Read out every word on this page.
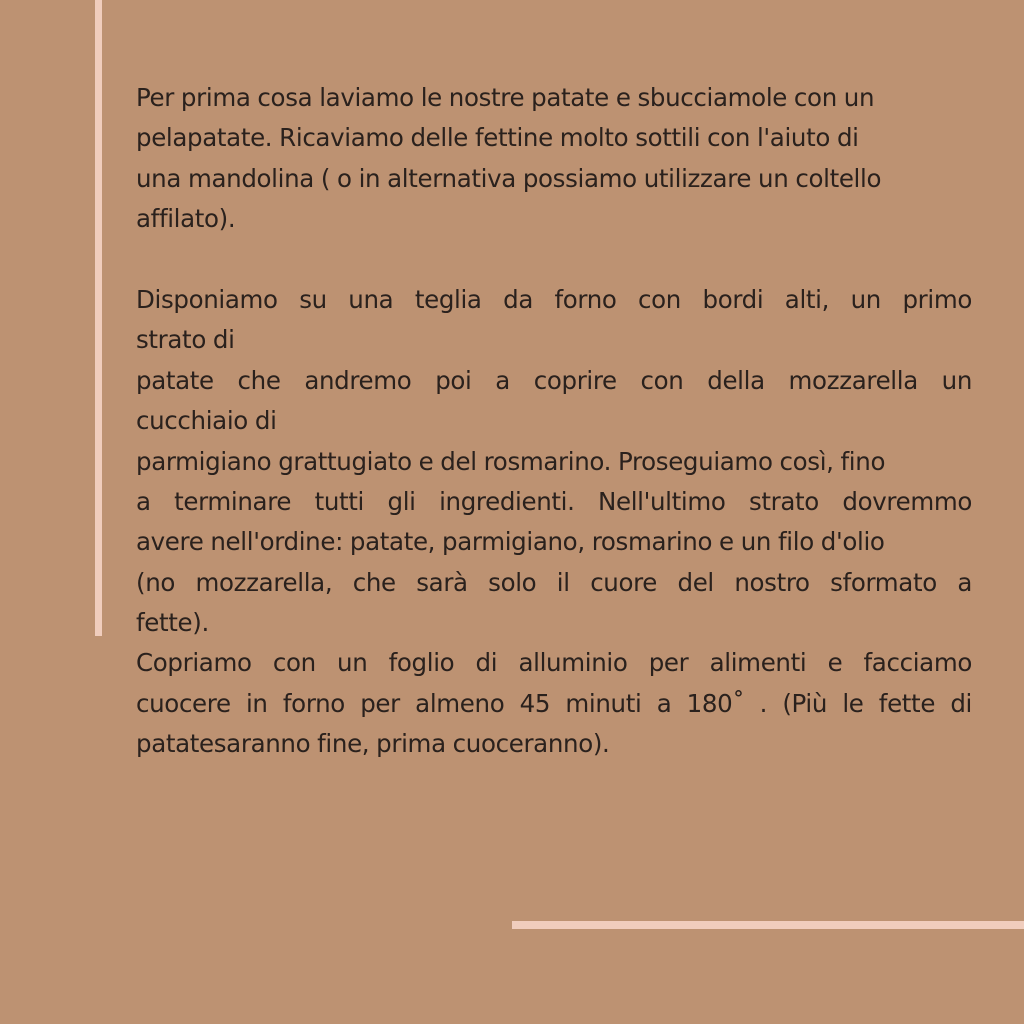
Per prima cosa laviamo le nostre patate e sbucciamole con un
pelapatate. Ricaviamo delle fettine molto sottili con l'aiuto di
una mandolina ( o in alternativa possiamo utilizzare un coltello
affilato).
Disponiamo su una teglia da forno con bordi alti, un primo
strato di
patate che andremo poi a coprire con della mozzarella un
cucchiaio di
parmigiano grattugiato e del rosmarino. Proseguiamo così, fino
a terminare tutti gli ingredienti. Nell'ultimo strato dovremmo
avere nell'ordine: patate, parmigiano, rosmarino e un filo d'olio
(no mozzarella, che sarà solo il cuore del nostro sformato a
fette).
Copriamo con un foglio di alluminio per alimenti e facciamo
cuocere in forno per almeno 45 minuti a 180˚ . (Più le fette di
patatesaranno fine, prima cuoceranno).
